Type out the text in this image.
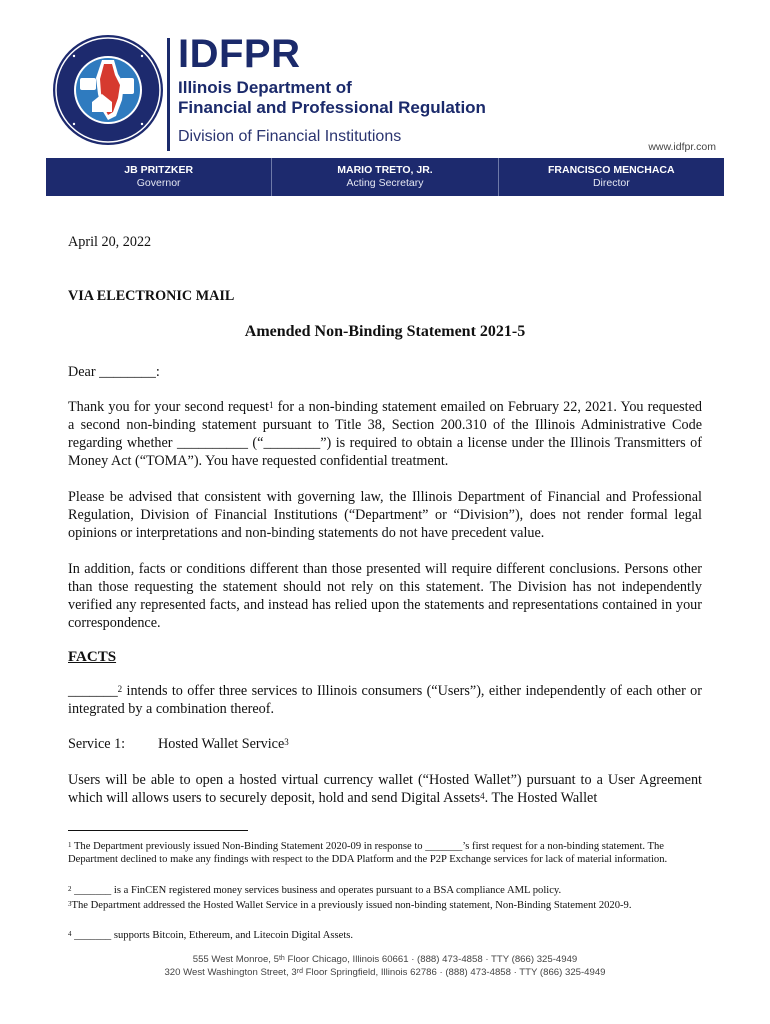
IDFPR
Illinois Department of
Financial and Professional Regulation
Division of Financial Institutions
www.idfpr.com
JB PRITZKER
Governor
MARIO TRETO, JR.
Acting Secretary
FRANCISCO MENCHACA
Director
April 20, 2022
VIA ELECTRONIC MAIL
Amended Non-Binding Statement 2021-5
Dear ________:
Thank you for your second request$^1$ for a non-binding statement emailed on February 22, 2021. You requested a second non-binding statement pursuant to Title 38, Section 200.310 of the Illinois Administrative Code regarding whether __________ (“________”) is required to obtain a license under the Illinois Transmitters of Money Act (“TOMA”). You have requested confidential treatment.
Please be advised that consistent with governing law, the Illinois Department of Financial and Professional Regulation, Division of Financial Institutions (“Department” or “Division”), does not render formal legal opinions or interpretations and non-binding statements do not have precedent value.
In addition, facts or conditions different than those presented will require different conclusions. Persons other than those requesting the statement should not rely on this statement. The Division has not independently verified any represented facts, and instead has relied upon the statements and representations contained in your correspondence.
FACTS
_______$^2$ intends to offer three services to Illinois consumers (“Users”), either independently of each other or integrated by a combination thereof.
Service 1: Hosted Wallet Service$^3$
Users will be able to open a hosted virtual currency wallet (“Hosted Wallet”) pursuant to a User Agreement which will allows users to securely deposit, hold and send Digital Assets$^4$. The Hosted Wallet
$^1$ The Department previously issued Non-Binding Statement 2020-09 in response to _______’s first request for a non-binding statement. The Department declined to make any findings with respect to the DDA Platform and the P2P Exchange services for lack of material information.
$^2$ _______ is a FinCEN registered money services business and operates pursuant to a BSA compliance AML policy.
$^3$The Department addressed the Hosted Wallet Service in a previously issued non-binding statement, Non-Binding Statement 2020-9.
$^4$ _______ supports Bitcoin, Ethereum, and Litecoin Digital Assets.
555 West Monroe, 5th Floor Chicago, Illinois 60661 · (888) 473-4858 · TTY (866) 325-4949
320 West Washington Street, 3rd Floor Springfield, Illinois 62786 · (888) 473-4858 · TTY (866) 325-4949
